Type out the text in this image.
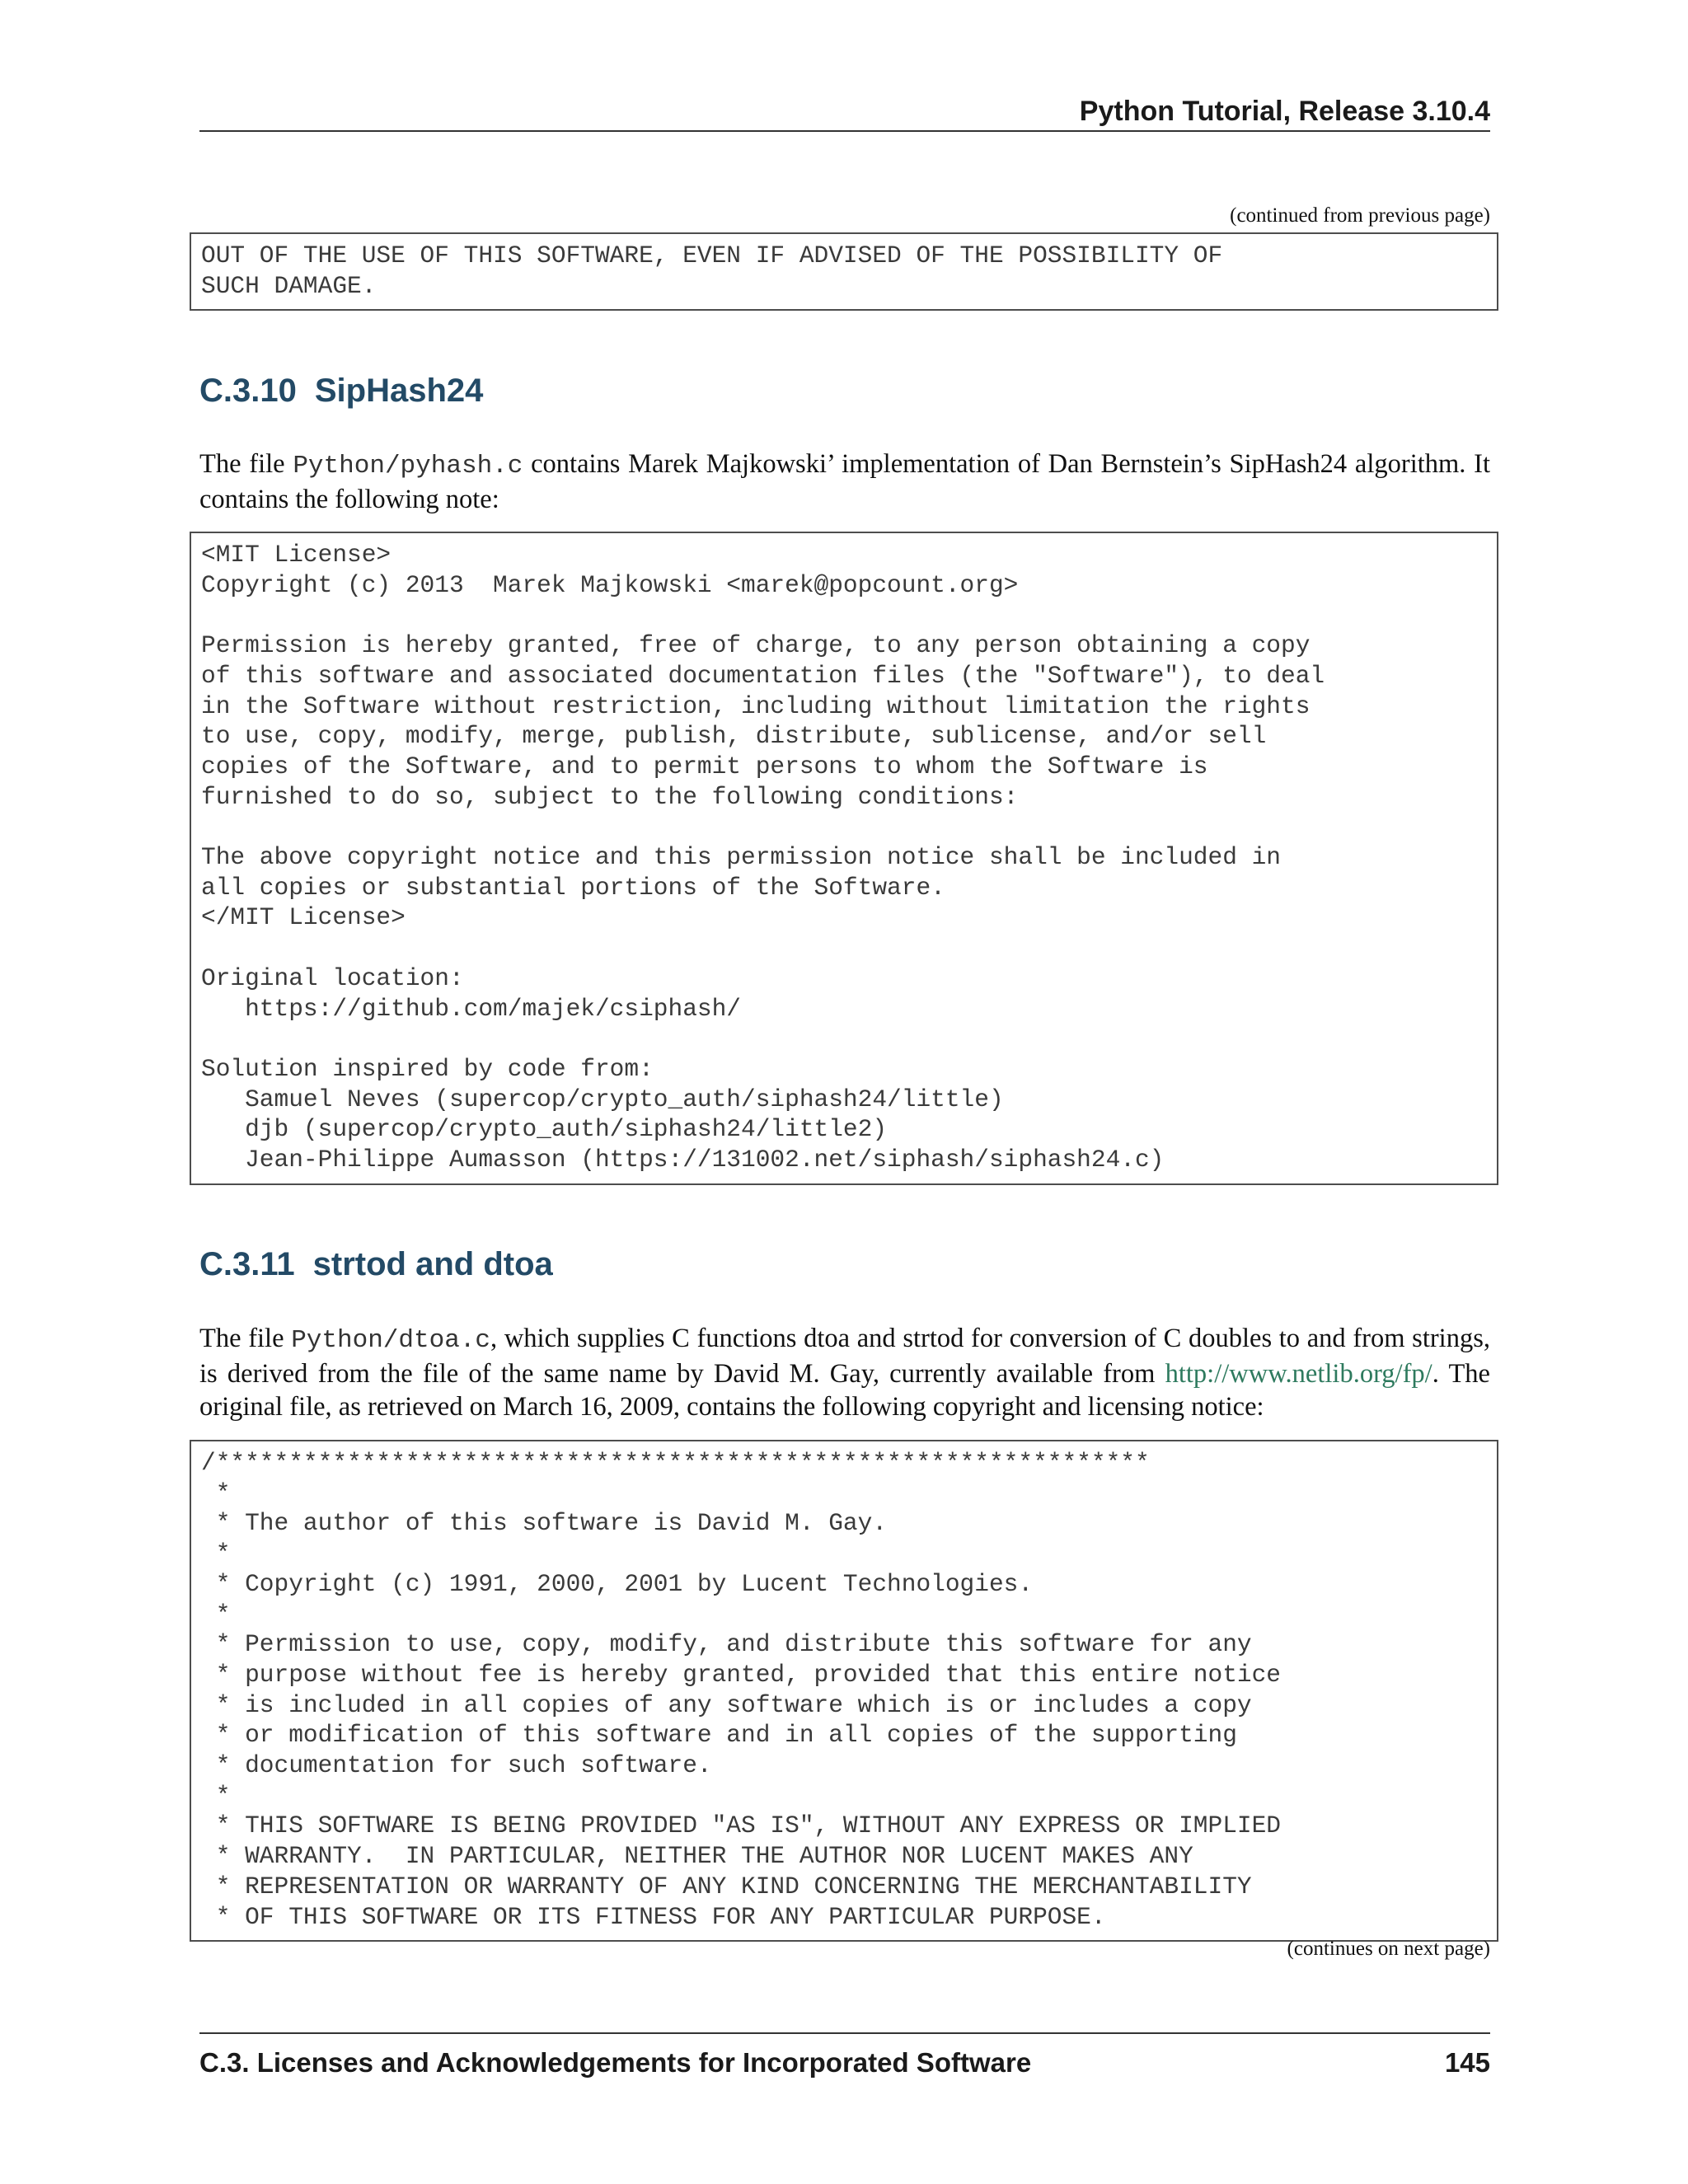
Python Tutorial, Release 3.10.4
(continued from previous page)
OUT OF THE USE OF THIS SOFTWARE, EVEN IF ADVISED OF THE POSSIBILITY OF
SUCH DAMAGE.
C.3.10 SipHash24

The file Python/pyhash.c contains Marek Majkowski’ implementation of Dan Bernstein’s SipHash24 algorithm. It contains the following note:

<MIT License>
Copyright (c) 2013  Marek Majkowski <marek@popcount.org>

Permission is hereby granted, free of charge, to any person obtaining a copy
of this software and associated documentation files (the "Software"), to deal
in the Software without restriction, including without limitation the rights
to use, copy, modify, merge, publish, distribute, sublicense, and/or sell
copies of the Software, and to permit persons to whom the Software is
furnished to do so, subject to the following conditions:

The above copyright notice and this permission notice shall be included in
all copies or substantial portions of the Software.
</MIT License>

Original location:
https://github.com/majek/csiphash/

Solution inspired by code from:
Samuel Neves (supercop/crypto_auth/siphash24/little)
djb (supercop/crypto_auth/siphash24/little2)
Jean-Philippe Aumasson (https://131002.net/siphash/siphash24.c)
C.3.11 strtod and dtoa

The file Python/dtoa.c, which supplies C functions dtoa and strtod for conversion of C doubles to and from strings, is derived from the file of the same name by David M. Gay, currently available from http://www.netlib.org/fp/. The original file, as retrieved on March 16, 2009, contains the following copyright and licensing notice:

/****************************************************************
*
* The author of this software is David M. Gay.
*
* Copyright (c) 1991, 2000, 2001 by Lucent Technologies.
*
* Permission to use, copy, modify, and distribute this software for any
* purpose without fee is hereby granted, provided that this entire notice
* is included in all copies of any software which is or includes a copy
* or modification of this software and in all copies of the supporting
* documentation for such software.
*
* THIS SOFTWARE IS BEING PROVIDED "AS IS", WITHOUT ANY EXPRESS OR IMPLIED
* WARRANTY.  IN PARTICULAR, NEITHER THE AUTHOR NOR LUCENT MAKES ANY
* REPRESENTATION OR WARRANTY OF ANY KIND CONCERNING THE MERCHANTABILITY
* OF THIS SOFTWARE OR ITS FITNESS FOR ANY PARTICULAR PURPOSE.
(continues on next page)
C.3. Licenses and Acknowledgements for Incorporated Software	145
